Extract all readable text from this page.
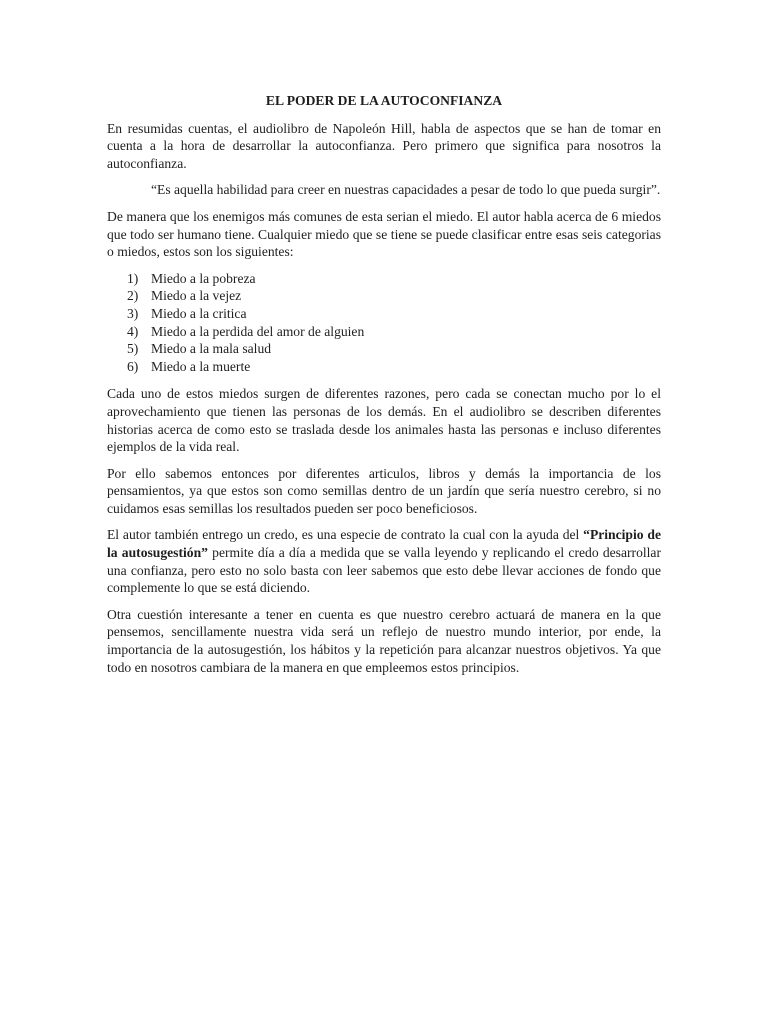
EL PODER DE LA AUTOCONFIANZA

En resumidas cuentas, el audiolibro de Napoleón Hill, habla de aspectos que se han de tomar en cuenta a la hora de desarrollar la autoconfianza. Pero primero que significa para nosotros la autoconfianza.

“Es aquella habilidad para creer en nuestras capacidades a pesar de todo lo que pueda surgir”.

De manera que los enemigos más comunes de esta serian el miedo. El autor habla acerca de 6 miedos que todo ser humano tiene. Cualquier miedo que se tiene se puede clasificar entre esas seis categorias o miedos, estos son los siguientes:

1) Miedo a la pobreza
2) Miedo a la vejez
3) Miedo a la critica
4) Miedo a la perdida del amor de alguien
5) Miedo a la mala salud
6) Miedo a la muerte

Cada uno de estos miedos surgen de diferentes razones, pero cada se conectan mucho por lo el aprovechamiento que tienen las personas de los demás. En el audiolibro se describen diferentes historias acerca de como esto se traslada desde los animales hasta las personas e incluso diferentes ejemplos de la vida real.

Por ello sabemos entonces por diferentes articulos, libros y demás la importancia de los pensamientos, ya que estos son como semillas dentro de un jardín que sería nuestro cerebro, si no cuidamos esas semillas los resultados pueden ser poco beneficiosos.

El autor también entrego un credo, es una especie de contrato la cual con la ayuda del “Principio de la autosugestión” permite día a día a medida que se valla leyendo y replicando el credo desarrollar una confianza, pero esto no solo basta con leer sabemos que esto debe llevar acciones de fondo que complemente lo que se está diciendo.

Otra cuestión interesante a tener en cuenta es que nuestro cerebro actuará de manera en la que pensemos, sencillamente nuestra vida será un reflejo de nuestro mundo interior, por ende, la importancia de la autosugestión, los hábitos y la repetición para alcanzar nuestros objetivos. Ya que todo en nosotros cambiara de la manera en que empleemos estos principios.
